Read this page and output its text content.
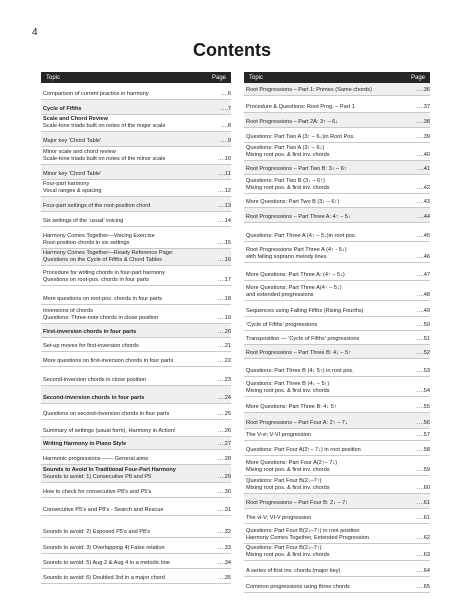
4
Contents
Topic	Page
Comparison of current practice in harmony	….6
Cycle of Fifths	….7
Scale and Chord Review
Scale-tone triads built on notes of the major scale	….8
Major key ‘Chord Table’	….9
Minor scale and chord review
Scale-tone triads built on notes of the minor scale	….10
Minor key ‘Chord Table’	….11
Four-part harmony
Vocal ranges & spacing	….12
Four-part settings of the root-position chord	….13
Six settings of the ‘usual’ voicing	….14
Harmony Comes Together—Voicing Exercise
Root-position chords in six settings	….15
Harmony Comes Together—Ready Reference Page:
Questions on the Cycle of Fifths & Chord Tables	….16
Procedure for writing chords in four-part harmony
Questions on root-pos. chords in four parts	….17
More questions on root-pos. chords in four parts	….18
Inversions of chords
Questions: Three-note chords in close position	….19
First-inversion chords in four parts	….20
Set-up moves for first-inversion chords	….21
More questions on first-inversion chords in four parts	….22
Second-inversion chords in close position	….23
Second-inversion chords in four parts	….24
Questions on second-inversion chords in four parts	….25
Summary of settings (usual form), Harmony in Action!	….26
Writing Harmony in Piano Style	….27
Harmonic progressions —— General aims	….28
Sounds to Avoid In Traditional Four-Part Harmony
Sounds to avoid: 1) Consecutive P8 and P5	….29
How to check for consecutive P8’s and P5’s	….30
Consecutive P5’s and P8’s - Search and Rescue	….31
Sounds to avoid: 2) Exposed P5’s and P8’s	….32
Sounds to avoid: 3) Overlapping 4) False relation	….33
Sounds to avoid: 5) Aug 2 & Aug 4 in a melodic line	….34
Sounds to avoid: 6) Doubled 3rd in a major chord	….35
Topic	Page
Root Progressions – Part 1: Primes (Same chords)	….36
Procedure & Questions: Root Prog. – Part 1	….37
Root Progressions – Part 2A: 3↑ – 6↓	….38
Questions: Part Two A (3↑ – 6↓)in Root Pos.	….39
Questions: Part Two A (3↑ – 6↓)
Mixing root pos. & first inv. chords	….40
Root Progressions – Part Two B: 3↓ – 6↑	….41
Questions: Part Two B (3↓ – 6↑)
Mixing root pos. & first inv. chords	….42
More Questions: Part Two B (3↓ – 6↑)	….43
Root Progressions – Part Three A: 4↑ – 5↓	….44
Questions: Part Three A (4↑ – 5↓)in root pos.	….45
Root Progressions Part Three A (4↑ - 5↓)
with falling soprano melody lines	….46
More Questions: Part Three A: (4↑ – 5↓)	….47
More Questions: Part Three A(4↑ – 5↓)
and extended progressions	….48
Sequences using Falling Fifths (Rising Fourths)	….49
‘Cycle of Fifths’ progressions	….50
Transposition — ‘Cycle of Fifths’ progressions	….51
Root Progressions – Part Three B: 4↓ – 5↑	….52
Questions: Part Three B (4↓ 5↑) in root pos.	….53
Questions: Part Three B (4↓ – 5↑)
Mixing root pos. & first inv. chords	….54
More Questions: Part Three B: 4↓ 5↑	….55
Root Progressions – Part Four A: 2↑ – 7↓	….56
The V-vi; V-VI progression	….57
Questions: Part Four A(2↑– 7↓) in root position	….58
More Questions: Part Four A(2↑– 7↓)
Mixing root pos. & first inv. chords	….59
Questions: Part Four B(2↓–7↑)
Mixing root pos. & first inv. chords	….60
Root Progressions – Part Four B: 2↓ – 7↑	….61
The vi-V; VI-V progression	….61
Questions: Part Four B(2↓–7↑) in root position
Harmony Comes Together, Extended Progression	….62
Questions: Part Four B(2↓–7↑)
Mixing root pos. & first inv. chords	….63
A series of first inv. chords (major key)	….64
Common progressions using three chords	….65
